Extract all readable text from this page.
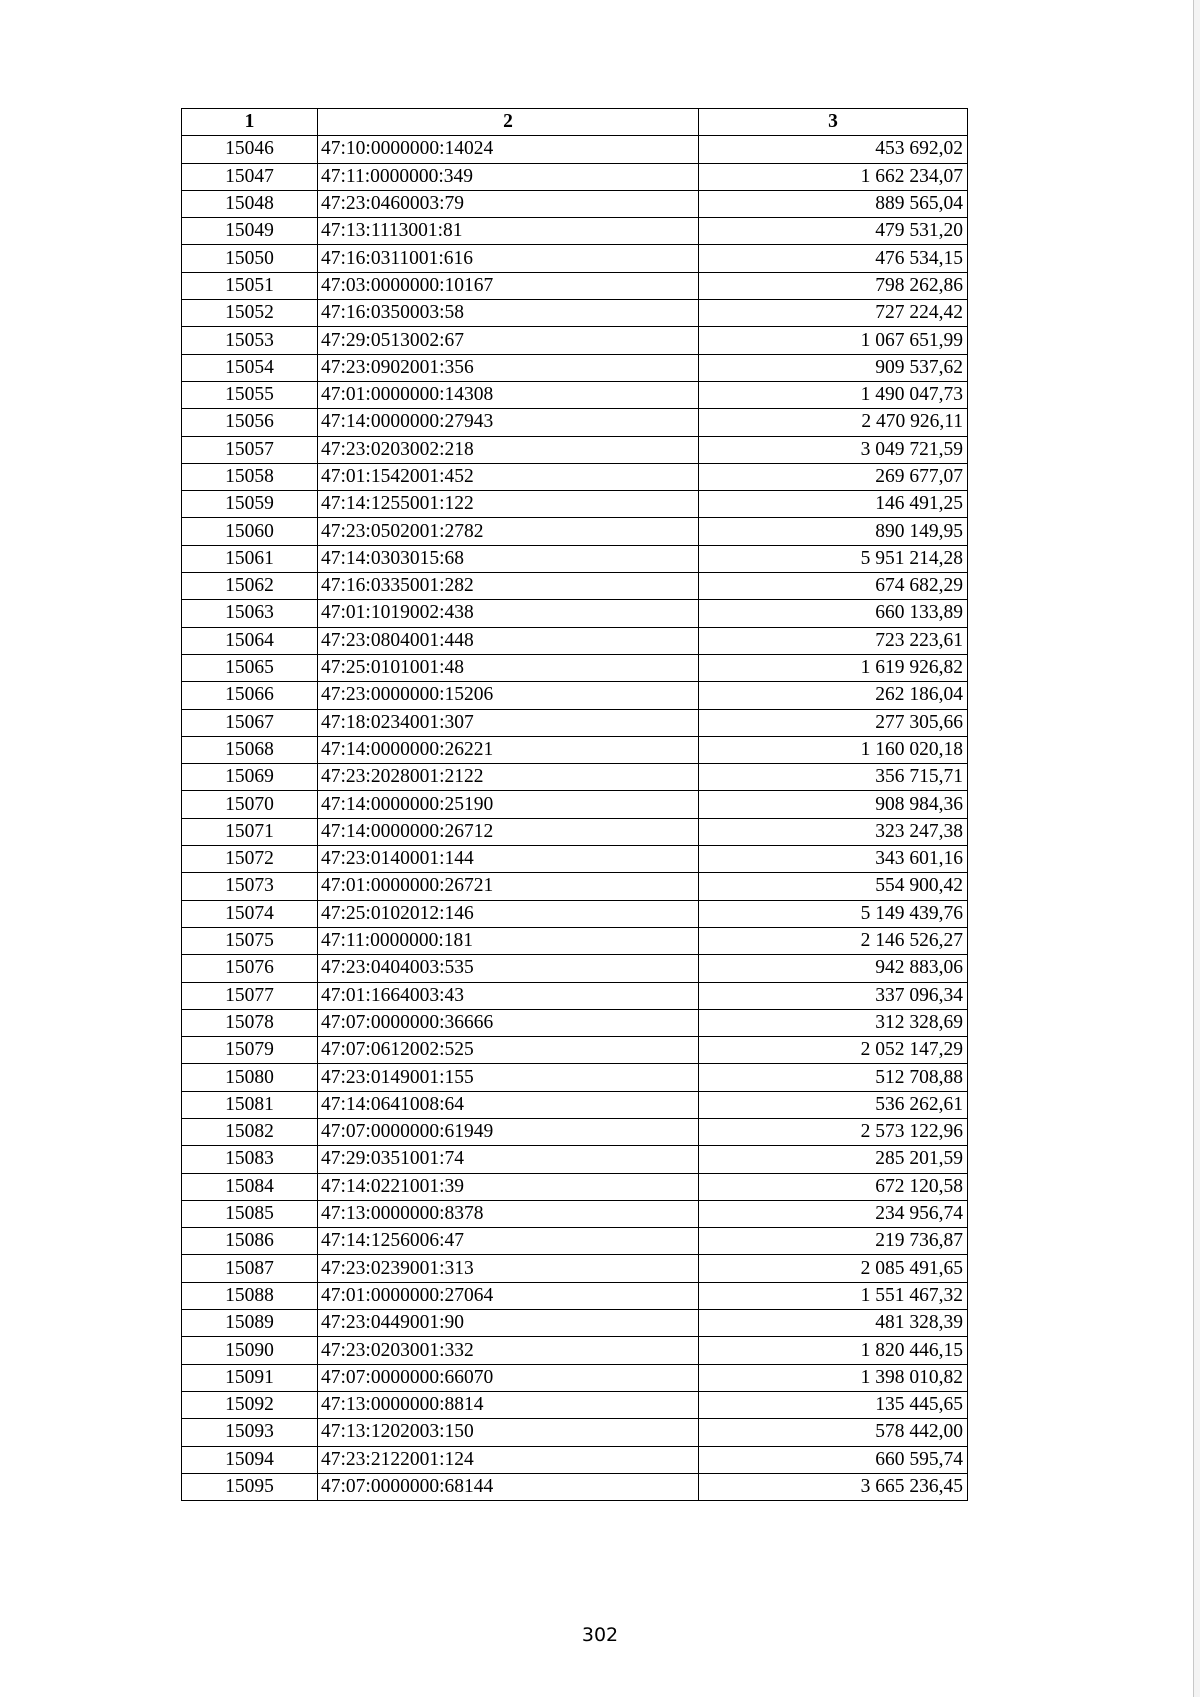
1	2	3
15046	47:10:0000000:14024	453 692,02
15047	47:11:0000000:349	1 662 234,07
15048	47:23:0460003:79	889 565,04
15049	47:13:1113001:81	479 531,20
15050	47:16:0311001:616	476 534,15
15051	47:03:0000000:10167	798 262,86
15052	47:16:0350003:58	727 224,42
15053	47:29:0513002:67	1 067 651,99
15054	47:23:0902001:356	909 537,62
15055	47:01:0000000:14308	1 490 047,73
15056	47:14:0000000:27943	2 470 926,11
15057	47:23:0203002:218	3 049 721,59
15058	47:01:1542001:452	269 677,07
15059	47:14:1255001:122	146 491,25
15060	47:23:0502001:2782	890 149,95
15061	47:14:0303015:68	5 951 214,28
15062	47:16:0335001:282	674 682,29
15063	47:01:1019002:438	660 133,89
15064	47:23:0804001:448	723 223,61
15065	47:25:0101001:48	1 619 926,82
15066	47:23:0000000:15206	262 186,04
15067	47:18:0234001:307	277 305,66
15068	47:14:0000000:26221	1 160 020,18
15069	47:23:2028001:2122	356 715,71
15070	47:14:0000000:25190	908 984,36
15071	47:14:0000000:26712	323 247,38
15072	47:23:0140001:144	343 601,16
15073	47:01:0000000:26721	554 900,42
15074	47:25:0102012:146	5 149 439,76
15075	47:11:0000000:181	2 146 526,27
15076	47:23:0404003:535	942 883,06
15077	47:01:1664003:43	337 096,34
15078	47:07:0000000:36666	312 328,69
15079	47:07:0612002:525	2 052 147,29
15080	47:23:0149001:155	512 708,88
15081	47:14:0641008:64	536 262,61
15082	47:07:0000000:61949	2 573 122,96
15083	47:29:0351001:74	285 201,59
15084	47:14:0221001:39	672 120,58
15085	47:13:0000000:8378	234 956,74
15086	47:14:1256006:47	219 736,87
15087	47:23:0239001:313	2 085 491,65
15088	47:01:0000000:27064	1 551 467,32
15089	47:23:0449001:90	481 328,39
15090	47:23:0203001:332	1 820 446,15
15091	47:07:0000000:66070	1 398 010,82
15092	47:13:0000000:8814	135 445,65
15093	47:13:1202003:150	578 442,00
15094	47:23:2122001:124	660 595,74
15095	47:07:0000000:68144	3 665 236,45
302
